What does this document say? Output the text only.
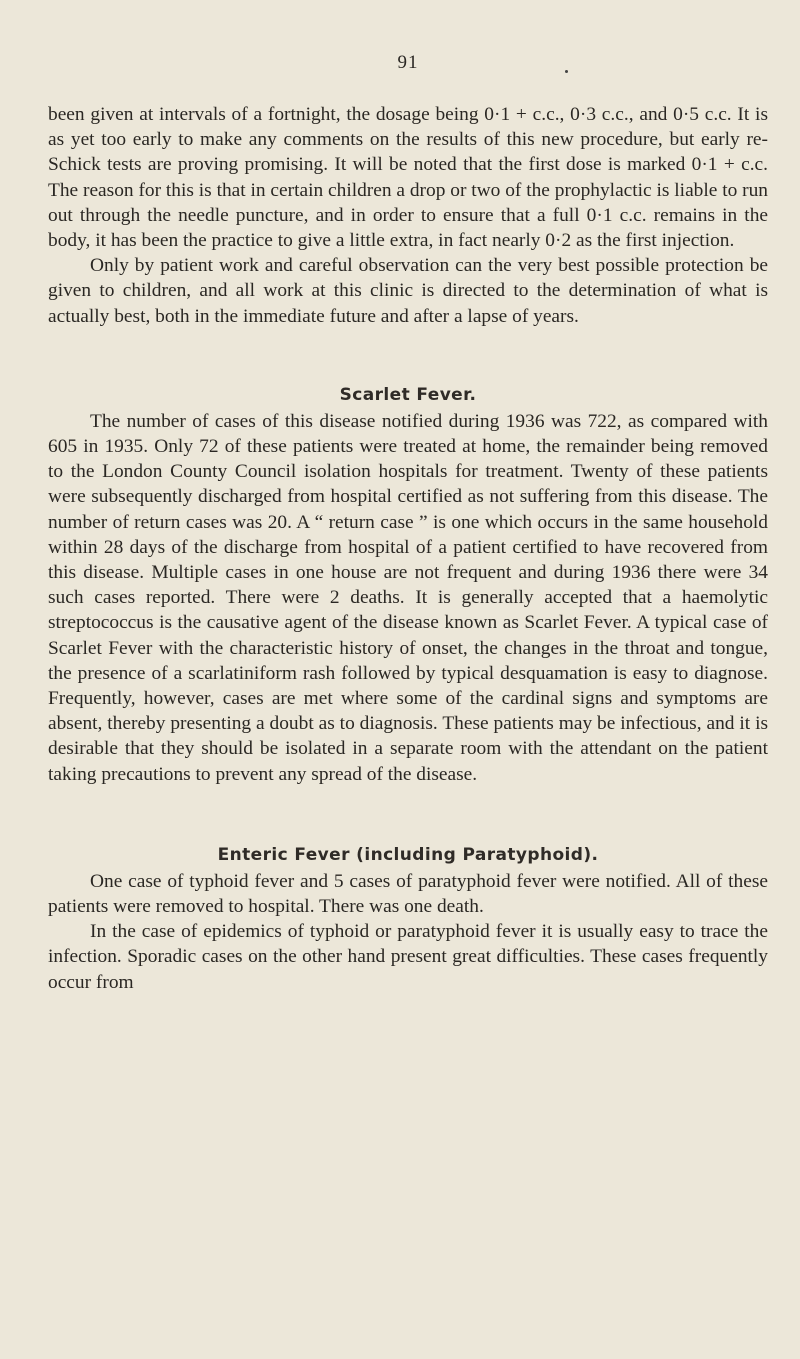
91

been given at intervals of a fortnight, the dosage being 0·1 + c.c., 0·3 c.c., and 0·5 c.c. It is as yet too early to make any comments on the results of this new procedure, but early re-Schick tests are proving promising. It will be noted that the first dose is marked 0·1 + c.c. The reason for this is that in certain children a drop or two of the prophylactic is liable to run out through the needle puncture, and in order to ensure that a full 0·1 c.c. remains in the body, it has been the practice to give a little extra, in fact nearly 0·2 as the first injection.

Only by patient work and careful observation can the very best possible protection be given to children, and all work at this clinic is directed to the determination of what is actually best, both in the immediate future and after a lapse of years.

Scarlet Fever.

The number of cases of this disease notified during 1936 was 722, as compared with 605 in 1935. Only 72 of these patients were treated at home, the remainder being removed to the London County Council isolation hospitals for treatment. Twenty of these patients were subsequently discharged from hospital certified as not suffering from this disease. The number of return cases was 20. A “ return case ” is one which occurs in the same household within 28 days of the discharge from hospital of a patient certified to have recovered from this disease. Multiple cases in one house are not frequent and during 1936 there were 34 such cases reported. There were 2 deaths. It is generally accepted that a haemolytic streptococcus is the causative agent of the disease known as Scarlet Fever. A typical case of Scarlet Fever with the characteristic history of onset, the changes in the throat and tongue, the presence of a scarlatiniform rash followed by typical desquamation is easy to diagnose. Frequently, however, cases are met where some of the cardinal signs and symptoms are absent, thereby presenting a doubt as to diagnosis. These patients may be infectious, and it is desirable that they should be isolated in a separate room with the attendant on the patient taking precautions to prevent any spread of the disease.

Enteric Fever (including Paratyphoid).

One case of typhoid fever and 5 cases of paratyphoid fever were notified. All of these patients were removed to hospital. There was one death.

In the case of epidemics of typhoid or paratyphoid fever it is usually easy to trace the infection. Sporadic cases on the other hand present great difficulties. These cases frequently occur from
